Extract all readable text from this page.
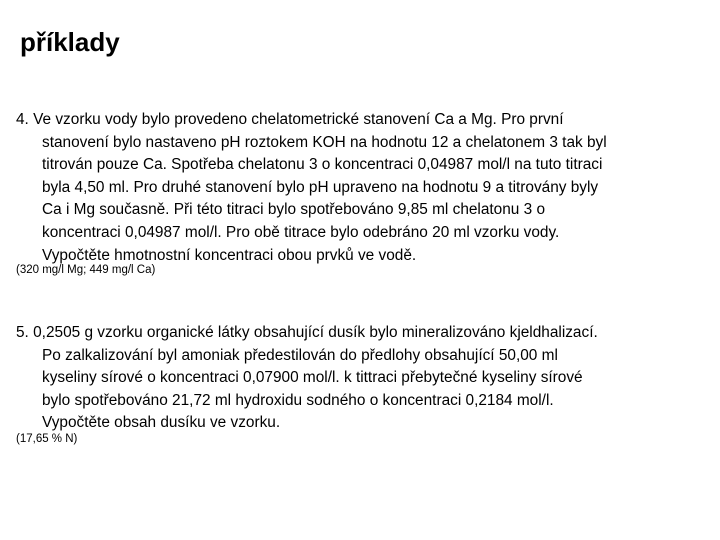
příklady
4. Ve vzorku vody bylo provedeno chelatometrické stanovení Ca a Mg. Pro první
stanovení bylo nastaveno pH roztokem KOH na hodnotu 12 a chelatonem 3 tak byl
titrován pouze Ca. Spotřeba chelatonu 3 o koncentraci 0,04987 mol/l na tuto titraci
byla 4,50 ml. Pro druhé stanovení bylo pH upraveno na hodnotu 9 a titrovány byly
Ca i Mg současně. Při této titraci bylo spotřebováno 9,85 ml chelatonu 3 o
koncentraci 0,04987 mol/l. Pro obě titrace bylo odebráno 20 ml vzorku vody.
Vypočtěte hmotnostní koncentraci obou prvků ve vodě.

(320 mg/l Mg; 449 mg/l Ca)

5. 0,2505 g vzorku organické látky obsahující dusík bylo mineralizováno kjeldhalizací.
Po zalkalizování byl amoniak předestilován do předlohy obsahující 50,00 ml
kyseliny sírové o koncentraci 0,07900 mol/l. k tittraci přebytečné kyseliny sírové
bylo spotřebováno 21,72 ml hydroxidu sodného o koncentraci 0,2184 mol/l.
Vypočtěte obsah dusíku ve vzorku.

(17,65 % N)
